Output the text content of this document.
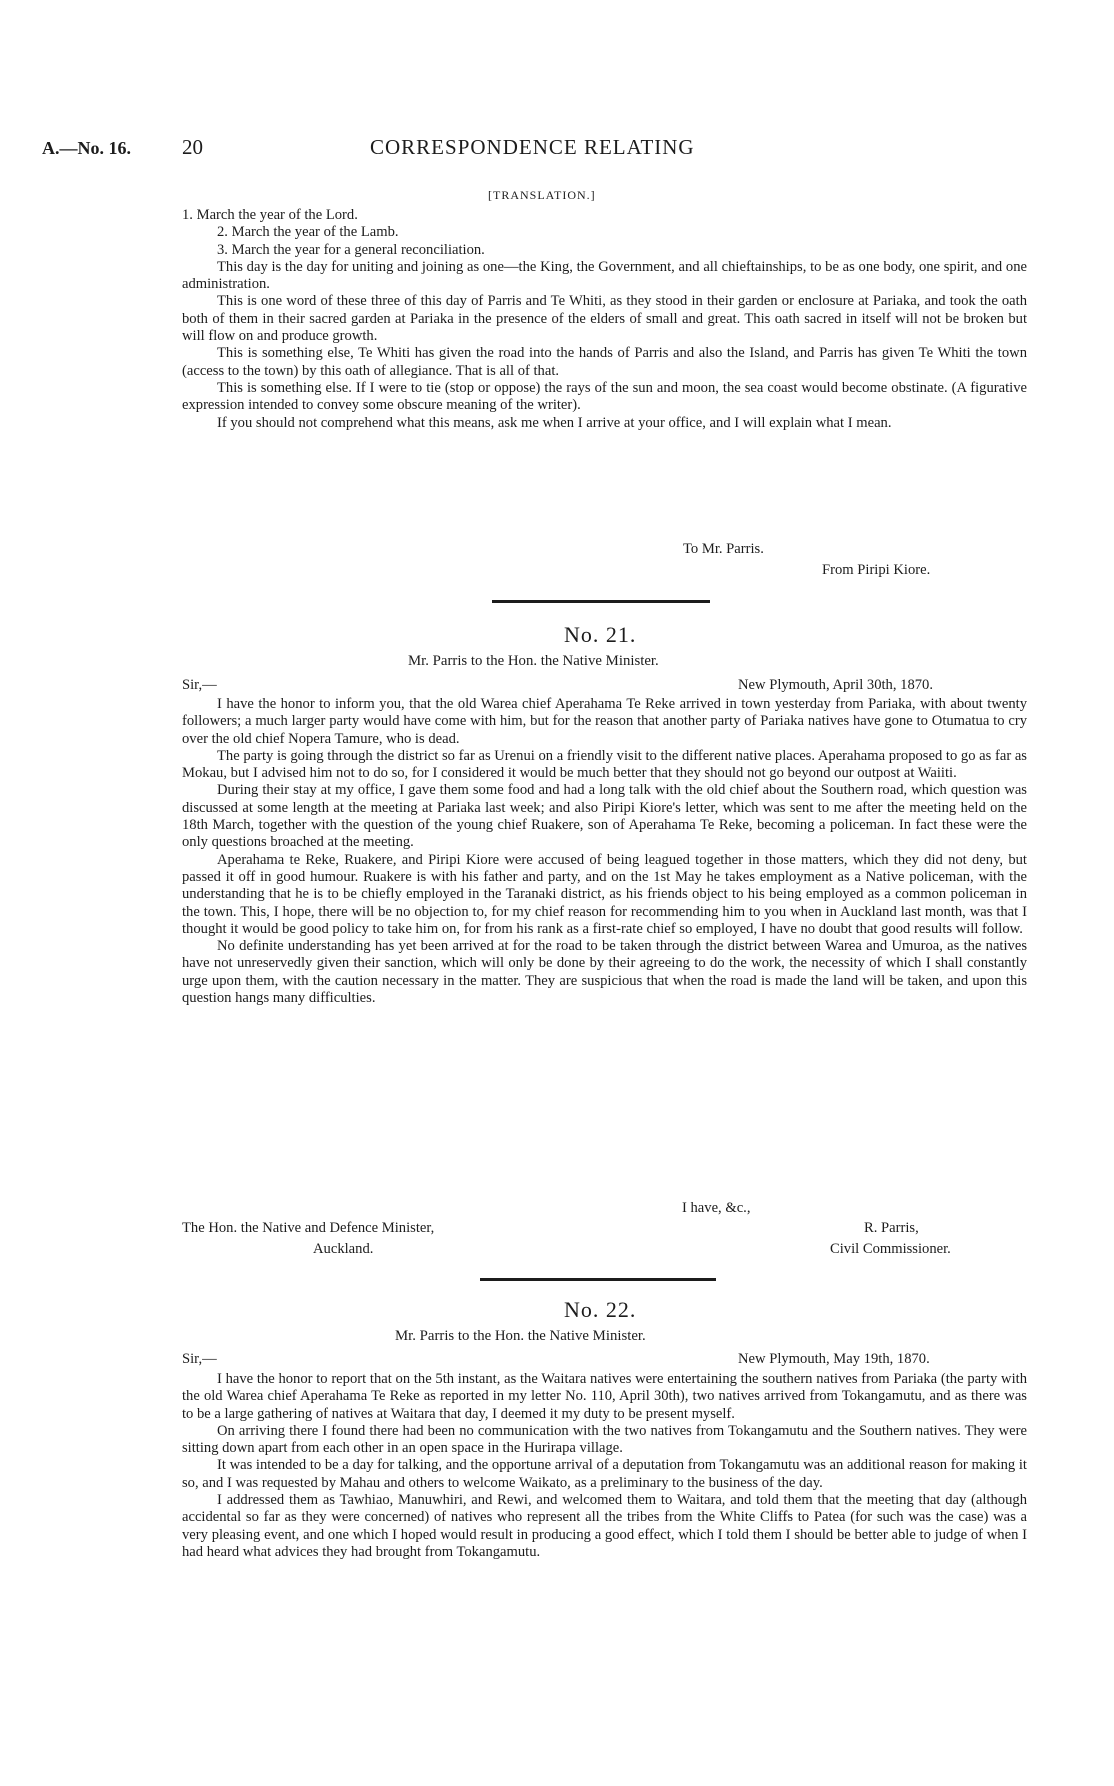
A.—No. 16. 20	CORRESPONDENCE RELATING
[TRANSLATION.]

1. March the year of the Lord.

2. March the year of the Lamb.

3. March the year for a general reconciliation.

This day is the day for uniting and joining as one—the King, the Government, and all chieftainships, to be as one body, one spirit, and one administration.

This is one word of these three of this day of Parris and Te Whiti, as they stood in their garden or enclosure at Pariaka, and took the oath both of them in their sacred garden at Pariaka in the presence of the elders of small and great. This oath sacred in itself will not be broken but will flow on and produce growth.

This is something else, Te Whiti has given the road into the hands of Parris and also the Island, and Parris has given Te Whiti the town (access to the town) by this oath of allegiance. That is all of that.

This is something else. If I were to tie (stop or oppose) the rays of the sun and moon, the sea coast would become obstinate. (A figurative expression intended to convey some obscure meaning of the writer).

If you should not comprehend what this means, ask me when I arrive at your office, and I will explain what I mean.

To Mr. Parris.
From Piripi Kiore.
No. 21.
Mr. Parris to the Hon. the Native Minister.
Sir,—	New Plymouth, April 30th, 1870.

I have the honor to inform you, that the old Warea chief Aperahama Te Reke arrived in town yesterday from Pariaka, with about twenty followers; a much larger party would have come with him, but for the reason that another party of Pariaka natives have gone to Otumatua to cry over the old chief Nopera Tamure, who is dead.

The party is going through the district so far as Urenui on a friendly visit to the different native places. Aperahama proposed to go as far as Mokau, but I advised him not to do so, for I considered it would be much better that they should not go beyond our outpost at Waiiti.

During their stay at my office, I gave them some food and had a long talk with the old chief about the Southern road, which question was discussed at some length at the meeting at Pariaka last week; and also Piripi Kiore's letter, which was sent to me after the meeting held on the 18th March, together with the question of the young chief Ruakere, son of Aperahama Te Reke, becoming a policeman. In fact these were the only questions broached at the meeting.

Aperahama te Reke, Ruakere, and Piripi Kiore were accused of being leagued together in those matters, which they did not deny, but passed it off in good humour. Ruakere is with his father and party, and on the 1st May he takes employment as a Native policeman, with the understanding that he is to be chiefly employed in the Taranaki district, as his friends object to his being employed as a common policeman in the town. This, I hope, there will be no objection to, for my chief reason for recommending him to you when in Auckland last month, was that I thought it would be good policy to take him on, for from his rank as a first-rate chief so employed, I have no doubt that good results will follow.

No definite understanding has yet been arrived at for the road to be taken through the district between Warea and Umuroa, as the natives have not unreservedly given their sanction, which will only be done by their agreeing to do the work, the necessity of which I shall constantly urge upon them, with the caution necessary in the matter. They are suspicious that when the road is made the land will be taken, and upon this question hangs many difficulties.

I have, &c.,
The Hon. the Native and Defence Minister,
Auckland.
R. Parris,
Civil Commissioner.
No. 22.
Mr. Parris to the Hon. the Native Minister.
Sir,—	New Plymouth, May 19th, 1870.

I have the honor to report that on the 5th instant, as the Waitara natives were entertaining the southern natives from Pariaka (the party with the old Warea chief Aperahama Te Reke as reported in my letter No. 110, April 30th), two natives arrived from Tokangamutu, and as there was to be a large gathering of natives at Waitara that day, I deemed it my duty to be present myself.

On arriving there I found there had been no communication with the two natives from Tokangamutu and the Southern natives. They were sitting down apart from each other in an open space in the Hurirapa village.

It was intended to be a day for talking, and the opportune arrival of a deputation from Tokangamutu was an additional reason for making it so, and I was requested by Mahau and others to welcome Waikato, as a preliminary to the business of the day.

I addressed them as Tawhiao, Manuwhiri, and Rewi, and welcomed them to Waitara, and told them that the meeting that day (although accidental so far as they were concerned) of natives who represent all the tribes from the White Cliffs to Patea (for such was the case) was a very pleasing event, and one which I hoped would result in producing a good effect, which I told them I should be better able to judge of when I had heard what advices they had brought from Tokangamutu.
